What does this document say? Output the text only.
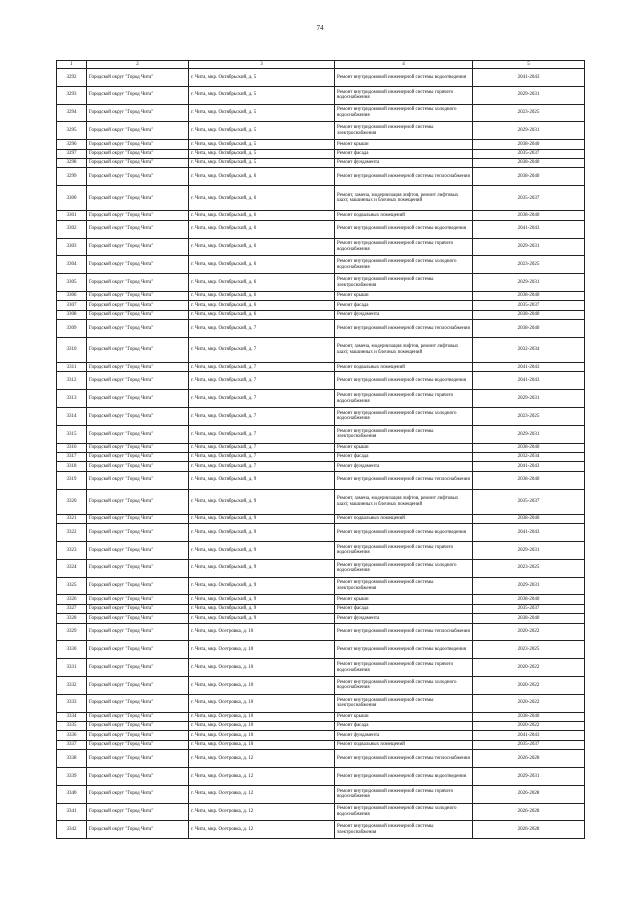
74
1	2	3	4	5
3292	Городской округ "Город Чита"	г. Чита, мкр. Октябрьский, д. 5	Ремонт внутридомовой инженерной системы водоотведения	2041-2043
3293	Городской округ "Город Чита"	г. Чита, мкр. Октябрьский, д. 5	Ремонт внутридомовой инженерной системы горячего водоснабжения	2029-2031
3294	Городской округ "Город Чита"	г. Чита, мкр. Октябрьский, д. 5	Ремонт внутридомовой инженерной системы холодного водоснабжения	2023-2025
3295	Городской округ "Город Чита"	г. Чита, мкр. Октябрьский, д. 5	Ремонт внутридомовой инженерной системы электроснабжения	2029-2031
3296	Городской округ "Город Чита"	г. Чита, мкр. Октябрьский, д. 5	Ремонт крыши	2038-2040
3297	Городской округ "Город Чита"	г. Чита, мкр. Октябрьский, д. 5	Ремонт фасада	2035-2037
3298	Городской округ "Город Чита"	г. Чита, мкр. Октябрьский, д. 5	Ремонт фундамента	2038-2040
3299	Городской округ "Город Чита"	г. Чита, мкр. Октябрьский, д. 6	Ремонт внутридомовой инженерной системы теплоснабжения	2038-2040
3300	Городской округ "Город Чита"	г. Чита, мкр. Октябрьский, д. 6	Ремонт, замена, модернизация лифтов, ремонт лифтовых шахт, машинных и блочных помещений	2035-2037
3301	Городской округ "Город Чита"	г. Чита, мкр. Октябрьский, д. 6	Ремонт подвальных помещений	2038-2040
3302	Городской округ "Город Чита"	г. Чита, мкр. Октябрьский, д. 6	Ремонт внутридомовой инженерной системы водоотведения	2041-2043
3303	Городской округ "Город Чита"	г. Чита, мкр. Октябрьский, д. 6	Ремонт внутридомовой инженерной системы горячего водоснабжения	2029-2031
3304	Городской округ "Город Чита"	г. Чита, мкр. Октябрьский, д. 6	Ремонт внутридомовой инженерной системы холодного водоснабжения	2023-2025
3305	Городской округ "Город Чита"	г. Чита, мкр. Октябрьский, д. 6	Ремонт внутридомовой инженерной системы электроснабжения	2029-2031
3306	Городской округ "Город Чита"	г. Чита, мкр. Октябрьский, д. 6	Ремонт крыши	2038-2040
3307	Городской округ "Город Чита"	г. Чита, мкр. Октябрьский, д. 6	Ремонт фасада	2035-2037
3308	Городской округ "Город Чита"	г. Чита, мкр. Октябрьский, д. 6	Ремонт фундамента	2038-2040
3309	Городской округ "Город Чита"	г. Чита, мкр. Октябрьский, д. 7	Ремонт внутридомовой инженерной системы теплоснабжения	2038-2040
3310	Городской округ "Город Чита"	г. Чита, мкр. Октябрьский, д. 7	Ремонт, замена, модернизация лифтов, ремонт лифтовых шахт, машинных и блочных помещений	2032-2034
3311	Городской округ "Город Чита"	г. Чита, мкр. Октябрьский, д. 7	Ремонт подвальных помещений	2041-2043
3312	Городской округ "Город Чита"	г. Чита, мкр. Октябрьский, д. 7	Ремонт внутридомовой инженерной системы водоотведения	2041-2043
3313	Городской округ "Город Чита"	г. Чита, мкр. Октябрьский, д. 7	Ремонт внутридомовой инженерной системы горячего водоснабжения	2029-2031
3314	Городской округ "Город Чита"	г. Чита, мкр. Октябрьский, д. 7	Ремонт внутридомовой инженерной системы холодного водоснабжения	2023-2025
3315	Городской округ "Город Чита"	г. Чита, мкр. Октябрьский, д. 7	Ремонт внутридомовой инженерной системы электроснабжения	2029-2031
3316	Городской округ "Город Чита"	г. Чита, мкр. Октябрьский, д. 7	Ремонт крыши	2038-2040
3317	Городской округ "Город Чита"	г. Чита, мкр. Октябрьский, д. 7	Ремонт фасада	2032-2034
3318	Городской округ "Город Чита"	г. Чита, мкр. Октябрьский, д. 7	Ремонт фундамента	2041-2043
3319	Городской округ "Город Чита"	г. Чита, мкр. Октябрьский, д. 9	Ремонт внутридомовой инженерной системы теплоснабжения	2038-2040
3320	Городской округ "Город Чита"	г. Чита, мкр. Октябрьский, д. 9	Ремонт, замена, модернизация лифтов, ремонт лифтовых шахт, машинных и блочных помещений	2035-2037
3321	Городской округ "Город Чита"	г. Чита, мкр. Октябрьский, д. 9	Ремонт подвальных помещений	2038-2040
3322	Городской округ "Город Чита"	г. Чита, мкр. Октябрьский, д. 9	Ремонт внутридомовой инженерной системы водоотведения	2041-2043
3323	Городской округ "Город Чита"	г. Чита, мкр. Октябрьский, д. 9	Ремонт внутридомовой инженерной системы горячего водоснабжения	2029-2031
3324	Городской округ "Город Чита"	г. Чита, мкр. Октябрьский, д. 9	Ремонт внутридомовой инженерной системы холодного водоснабжения	2023-2025
3325	Городской округ "Город Чита"	г. Чита, мкр. Октябрьский, д. 9	Ремонт внутридомовой инженерной системы электроснабжения	2029-2031
3326	Городской округ "Город Чита"	г. Чита, мкр. Октябрьский, д. 9	Ремонт крыши	2038-2040
3327	Городской округ "Город Чита"	г. Чита, мкр. Октябрьский, д. 9	Ремонт фасада	2035-2037
3328	Городской округ "Город Чита"	г. Чита, мкр. Октябрьский, д. 9	Ремонт фундамента	2038-2040
3329	Городской округ "Город Чита"	г. Чита, мкр. Осетровка, д. 10	Ремонт внутридомовой инженерной системы теплоснабжения	2020-2022
3330	Городской округ "Город Чита"	г. Чита, мкр. Осетровка, д. 10	Ремонт внутридомовой инженерной системы водоотведения	2023-2025
3331	Городской округ "Город Чита"	г. Чита, мкр. Осетровка, д. 10	Ремонт внутридомовой инженерной системы горячего водоснабжения	2020-2022
3332	Городской округ "Город Чита"	г. Чита, мкр. Осетровка, д. 10	Ремонт внутридомовой инженерной системы холодного водоснабжения	2020-2022
3333	Городской округ "Город Чита"	г. Чита, мкр. Осетровка, д. 10	Ремонт внутридомовой инженерной системы электроснабжения	2020-2022
3334	Городской округ "Город Чита"	г. Чита, мкр. Осетровка, д. 10	Ремонт крыши	2038-2040
3335	Городской округ "Город Чита"	г. Чита, мкр. Осетровка, д. 10	Ремонт фасада	2020-2022
3336	Городской округ "Город Чита"	г. Чита, мкр. Осетровка, д. 10	Ремонт фундамента	2041-2043
3337	Городской округ "Город Чита"	г. Чита, мкр. Осетровка, д. 10	Ремонт подвальных помещений	2035-2037
3338	Городской округ "Город Чита"	г. Чита, мкр. Осетровка, д. 12	Ремонт внутридомовой инженерной системы теплоснабжения	2026-2028
3339	Городской округ "Город Чита"	г. Чита, мкр. Осетровка, д. 12	Ремонт внутридомовой инженерной системы водоотведения	2029-2031
3340	Городской округ "Город Чита"	г. Чита, мкр. Осетровка, д. 12	Ремонт внутридомовой инженерной системы горячего водоснабжения	2026-2028
3341	Городской округ "Город Чита"	г. Чита, мкр. Осетровка, д. 12	Ремонт внутридомовой инженерной системы холодного водоснабжения	2026-2028
3342	Городской округ "Город Чита"	г. Чита, мкр. Осетровка, д. 12	Ремонт внутридомовой инженерной системы электроснабжения	2026-2028
